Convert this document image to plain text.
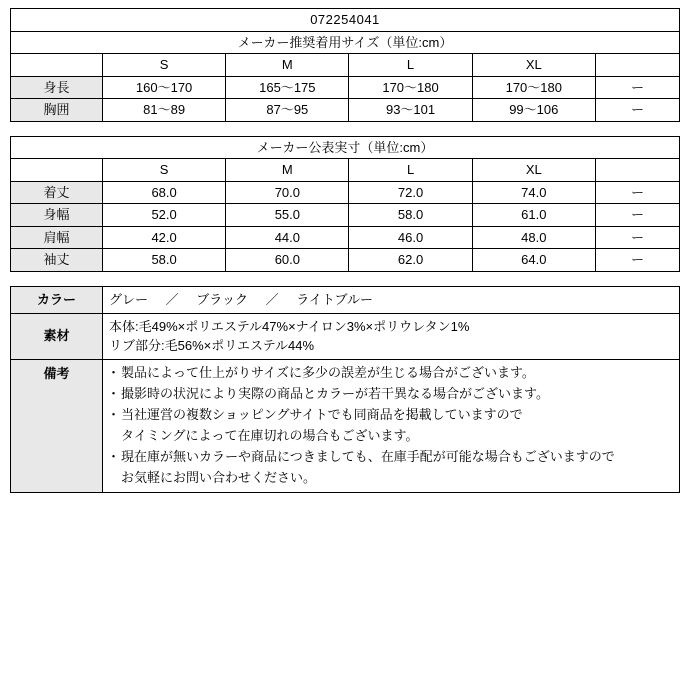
072254041					
メーカー推奨着用サイズ（単位:cm）					
	S	M	L	XL	
身長	160〜170	165〜175	170〜180	170〜180	ー
胸囲	81〜89	87〜95	93〜101	99〜106	ー
メーカー公表実寸（単位:cm）					
	S	M	L	XL	
着丈	68.0	70.0	72.0	74.0	ー
身幅	52.0	55.0	58.0	61.0	ー
肩幅	42.0	44.0	46.0	48.0	ー
袖丈	58.0	60.0	62.0	64.0	ー
カラー	グレー ／ ブラック ／ ライトブルー
素材	本体:毛49%×ポリエステル47%×ナイロン3%×ポリウレタン1%
リブ部分:毛56%×ポリエステル44%

備考	
・製品によって仕上がりサイズに多少の誤差が生じる場合がございます。
・ 撮影時の状況により実際の商品とカラーが若干異なる場合がございます。
・ 当社運営の複数ショッピングサイトでも同商品を掲載していますので
タイミングによって在庫切れの場合もございます。
・ 現在庫が無いカラーや商品につきましても、在庫手配が可能な場合もございますので
お気軽にお問い合わせください。
